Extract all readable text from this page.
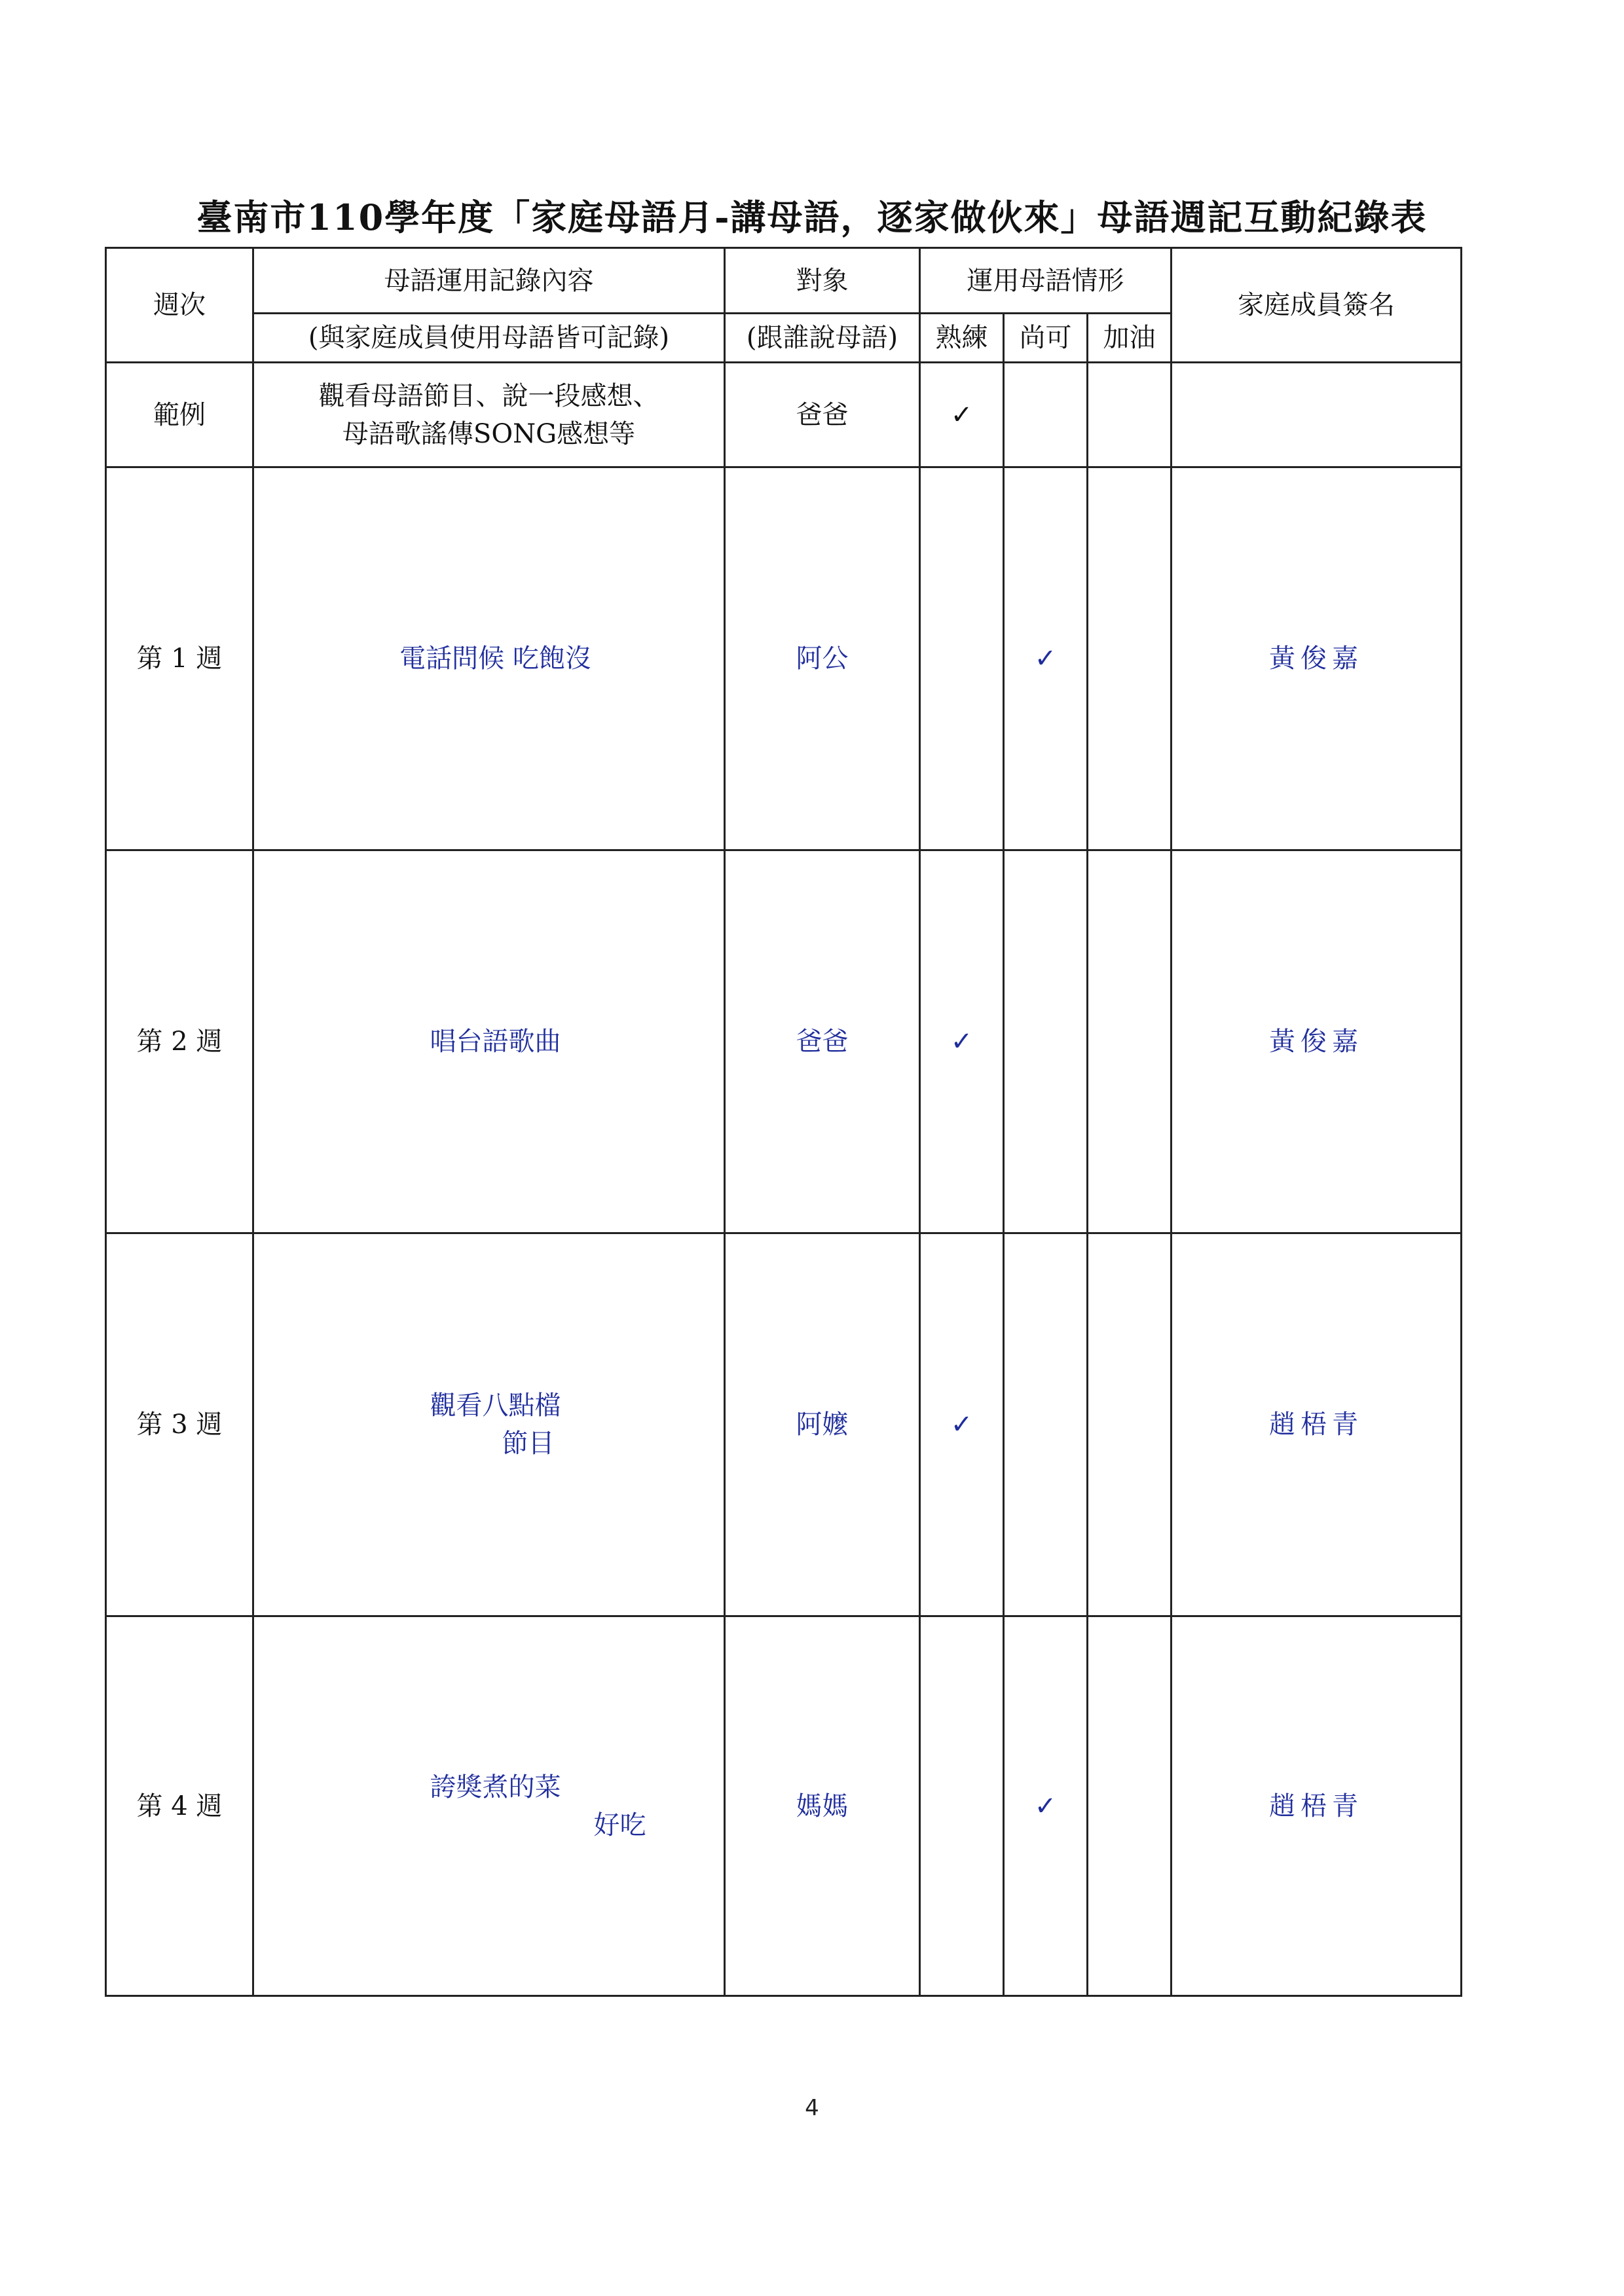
臺南市110學年度「家庭母語月-講母語，逐家做伙來」母語週記互動紀錄表
週次	母語運用記錄內容	對象	運用母語情形			家庭成員簽名
	(與家庭成員使用母語皆可記錄)	(跟誰說母語)	熟練	尚可	加油	
範例	觀看母語節目、說一段感想、
母語歌謠傳SONG感想等	爸爸	✓			
第 1 週	電話問候 吃飽沒	阿公		✓		黃俊嘉
第 2 週	唱台語歌曲	爸爸	✓			黃俊嘉
第 3 週	觀看八點檔
節目	阿嬤	✓			趙梧青
第 4 週	誇獎煮的菜
好吃	媽媽		✓		趙梧青
4
